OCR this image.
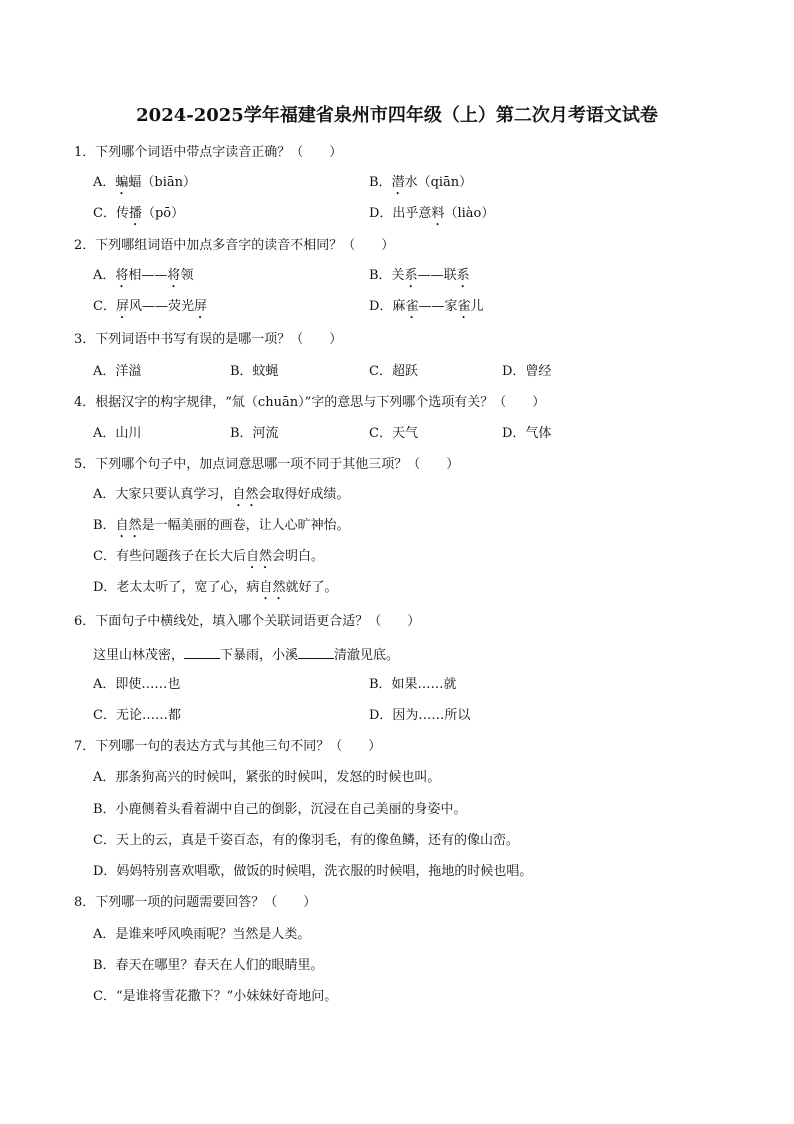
2024-2025学年福建省泉州市四年级（上）第二次月考语文试卷
1．下列哪个词语中带点字读音正确？（　　）
A．蝙蝠（biān）	B．潜水（qiān）
C．传播（pō）	D．出乎意料（liào）
2．下列哪组词语中加点多音字的读音不相同？（　　）
A．将相——将领	B．关系——联系
C．屏风——荧光屏	D．麻雀——家雀儿
3．下列词语中书写有误的是哪一项？（　　）
A．洋溢	B．蚊蝇	C．超跃	D．曾经
4．根据汉字的构字规律，“氚（chuān）”字的意思与下列哪个选项有关？（　　）
A．山川	B．河流	C．天气	D．气体
5．下列哪个句子中，加点词意思哪一项不同于其他三项？（　　）
A．大家只要认真学习，自然会取得好成绩。
B．自然是一幅美丽的画卷，让人心旷神怡。
C．有些问题孩子在长大后自然会明白。
D．老太太听了，宽了心，病自然就好了。
6．下面句子中横线处，填入哪个关联词语更合适？（　　）
这里山林茂密，	下暴雨，小溪	清澈见底。
A．即使……也	B．如果……就
C．无论……都	D．因为……所以
7．下列哪一句的表达方式与其他三句不同？（　　）
A．那条狗高兴的时候叫，紧张的时候叫，发怒的时候也叫。
B．小鹿侧着头看着湖中自己的倒影，沉浸在自己美丽的身姿中。
C．天上的云，真是千姿百态，有的像羽毛，有的像鱼鳞，还有的像山峦。
D．妈妈特别喜欢唱歌，做饭的时候唱，洗衣服的时候唱，拖地的时候也唱。
8．下列哪一项的问题需要回答？（　　）
A．是谁来呼风唤雨呢？当然是人类。
B．春天在哪里？春天在人们的眼睛里。
C．“是谁将雪花撒下？”小妹妹好奇地问。
